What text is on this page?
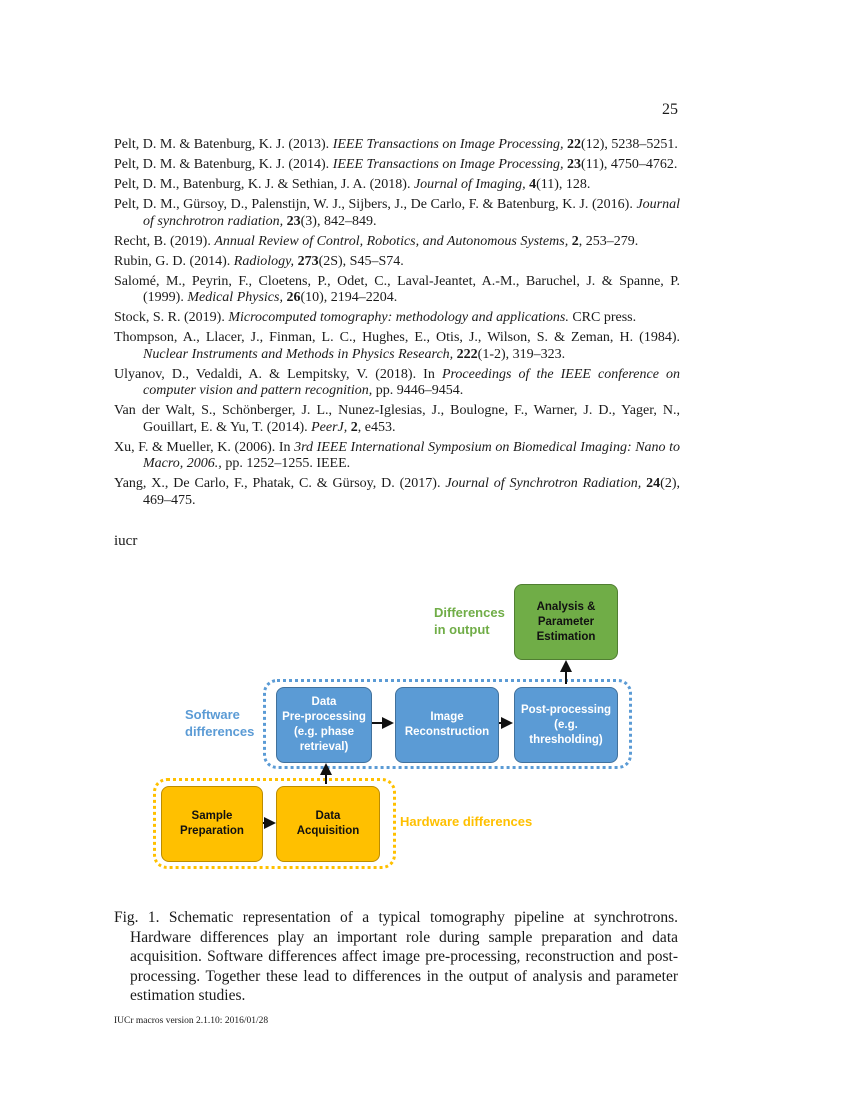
25
Pelt, D. M. & Batenburg, K. J. (2013). IEEE Transactions on Image Processing, 22(12), 5238–5251.
Pelt, D. M. & Batenburg, K. J. (2014). IEEE Transactions on Image Processing, 23(11), 4750–4762.
Pelt, D. M., Batenburg, K. J. & Sethian, J. A. (2018). Journal of Imaging, 4(11), 128.
Pelt, D. M., Gürsoy, D., Palenstijn, W. J., Sijbers, J., De Carlo, F. & Batenburg, K. J. (2016). Journal of synchrotron radiation, 23(3), 842–849.
Recht, B. (2019). Annual Review of Control, Robotics, and Autonomous Systems, 2, 253–279.
Rubin, G. D. (2014). Radiology, 273(2S), S45–S74.
Salomé, M., Peyrin, F., Cloetens, P., Odet, C., Laval-Jeantet, A.-M., Baruchel, J. & Spanne, P. (1999). Medical Physics, 26(10), 2194–2204.
Stock, S. R. (2019). Microcomputed tomography: methodology and applications. CRC press.
Thompson, A., Llacer, J., Finman, L. C., Hughes, E., Otis, J., Wilson, S. & Zeman, H. (1984). Nuclear Instruments and Methods in Physics Research, 222(1-2), 319–323.
Ulyanov, D., Vedaldi, A. & Lempitsky, V. (2018). In Proceedings of the IEEE conference on computer vision and pattern recognition, pp. 9446–9454.
Van der Walt, S., Schönberger, J. L., Nunez-Iglesias, J., Boulogne, F., Warner, J. D., Yager, N., Gouillart, E. & Yu, T. (2014). PeerJ, 2, e453.
Xu, F. & Mueller, K. (2006). In 3rd IEEE International Symposium on Biomedical Imaging: Nano to Macro, 2006., pp. 1252–1255. IEEE.
Yang, X., De Carlo, F., Phatak, C. & Gürsoy, D. (2017). Journal of Synchrotron Radiation, 24(2), 469–475.
iucr
Differences
in output
Software
differences
Hardware differences
Analysis &
Parameter
Estimation
Data
Pre-processing
(e.g. phase
retrieval)
Image
Reconstruction
Post-processing
(e.g.
thresholding)
Sample
Preparation
Data
Acquisition

Fig. 1. Schematic representation of a typical tomography pipeline at synchrotrons. Hardware differences play an important role during sample preparation and data acquisition. Software differences affect image pre-processing, reconstruction and post-processing. Together these lead to differences in the output of analysis and parameter estimation studies.

IUCr macros version 2.1.10: 2016/01/28
